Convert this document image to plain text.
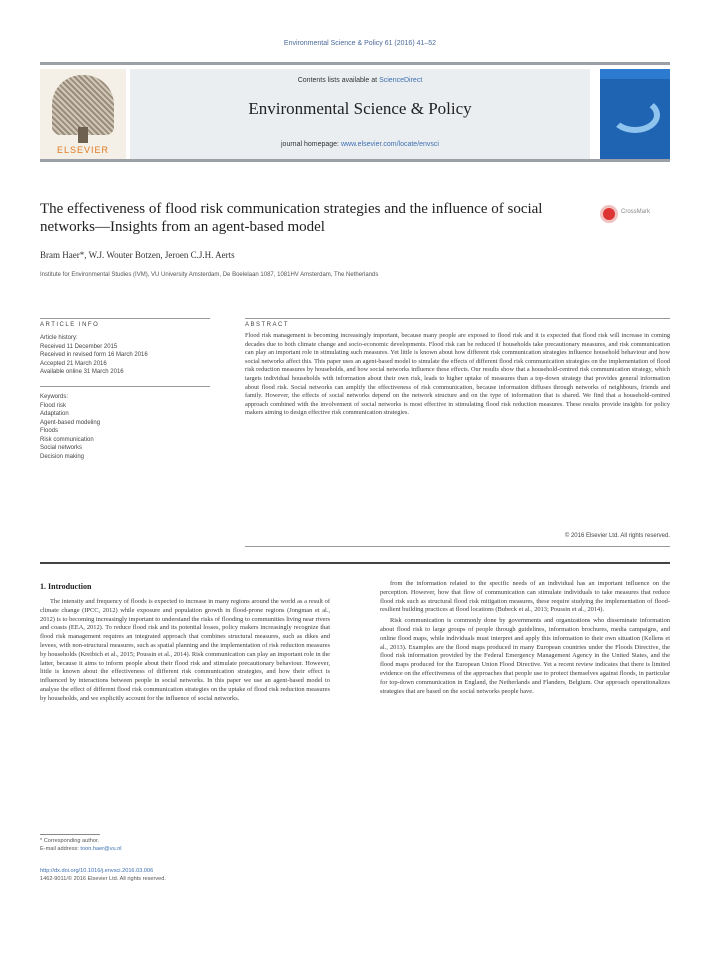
Environmental Science & Policy 61 (2016) 41–52
ELSEVIER
Contents lists available at ScienceDirect
Environmental Science & Policy
journal homepage: www.elsevier.com/locate/envsci
The effectiveness of flood risk communication strategies and the influence of social networks—Insights from an agent-based model
CrossMark
Bram Haer*, W.J. Wouter Botzen, Jeroen C.J.H. Aerts
Institute for Environmental Studies (IVM), VU University Amsterdam, De Boelelaan 1087, 1081HV Amsterdam, The Netherlands
ARTICLE INFO	ABSTRACT
Article history:
Received 11 December 2015
Received in revised form 16 March 2016
Accepted 21 March 2016
Available online 31 March 2016
Keywords:
Flood risk
Adaptation
Agent-based modeling
Floods
Risk communication
Social networks
Decision making
Flood risk management is becoming increasingly important, because many people are exposed to flood risk and it is expected that flood risk will increase in coming decades due to both climate change and socio-economic developments. Flood risk can be reduced if households take precautionary measures, and risk communication can play an important role in stimulating such measures. Yet little is known about how different risk communication strategies influence household behaviour and how social networks affect this. This paper uses an agent-based model to simulate the effects of different flood risk communication strategies on the implementation of flood risk reduction measures by households, and how social networks influence these effects. Our results show that a household-centred risk communication strategy, which targets individual households with information about their own risk, leads to higher uptake of measures than a top-down strategy that provides general information about flood risk. Social networks can amplify the effectiveness of risk communication, because information diffuses through networks of neighbours, friends and family. However, the effects of social networks depend on the network structure and on the type of information that is shared. We find that a household-centred approach combined with the involvement of social networks is most effective in stimulating flood risk reduction measures. These results provide insights for policy makers aiming to design effective risk communication strategies.
© 2016 Elsevier Ltd. All rights reserved.
1. Introduction

The intensity and frequency of floods is expected to increase in many regions around the world as a result of climate change (IPCC, 2012) while exposure and population growth in flood-prone regions (Jongman et al., 2012) is to becoming increasingly important to understand the risks of flooding to communities living near rivers and coasts (EEA, 2012). To reduce flood risk and its potential losses, policy makers increasingly recognize that flood risk management requires an integrated approach that combines structural measures, such as dikes and levees, with non-structural measures, such as spatial planning and the implementation of risk reduction measures by households (Kreibich et al., 2015; Poussin et al., 2014). Risk communication can play an important role in the latter, because it aims to inform people about their flood risk and stimulate precautionary behaviour. However, little is known about the effectiveness of different risk communication strategies, and how their effect is influenced by interactions between people in social networks. In this paper we use an agent-based model to analyse the effect of different flood risk communication strategies on the uptake of flood risk reduction measures by households, and we explicitly account for the influence of social networks.

from the information related to the specific needs of an individual has an important influence on the perception. However, how that flow of communication can stimulate individuals to take measures that reduce flood risk such as structural flood risk mitigation measures, these require studying the implementation of flood-resilient building practices at flood locations (Bubeck et al., 2013; Poussin et al., 2014).

Risk communication is commonly done by governments and organizations who disseminate information about flood risk to large groups of people through guidelines, information brochures, media campaigns, and online flood maps, while individuals must interpret and apply this information to their own situation (Kellens et al., 2013). Examples are the flood maps produced in many European countries under the Floods Directive, the flood risk information provided by the Federal Emergency Management Agency in the United States, and the flood maps produced for the European Union Flood Directive. Yet a recent review indicates that there is limited evidence on the effectiveness of the approaches that people use to protect themselves against floods, in particular for top-down communication in England, the Netherlands and Flanders, Belgium. Our approach operationalizes strategies that are based on the social networks people have.

* Corresponding author.
E-mail address: toon.haer@vu.nl
http://dx.doi.org/10.1016/j.envsci.2016.03.006
1462-9011/© 2016 Elsevier Ltd. All rights reserved.
